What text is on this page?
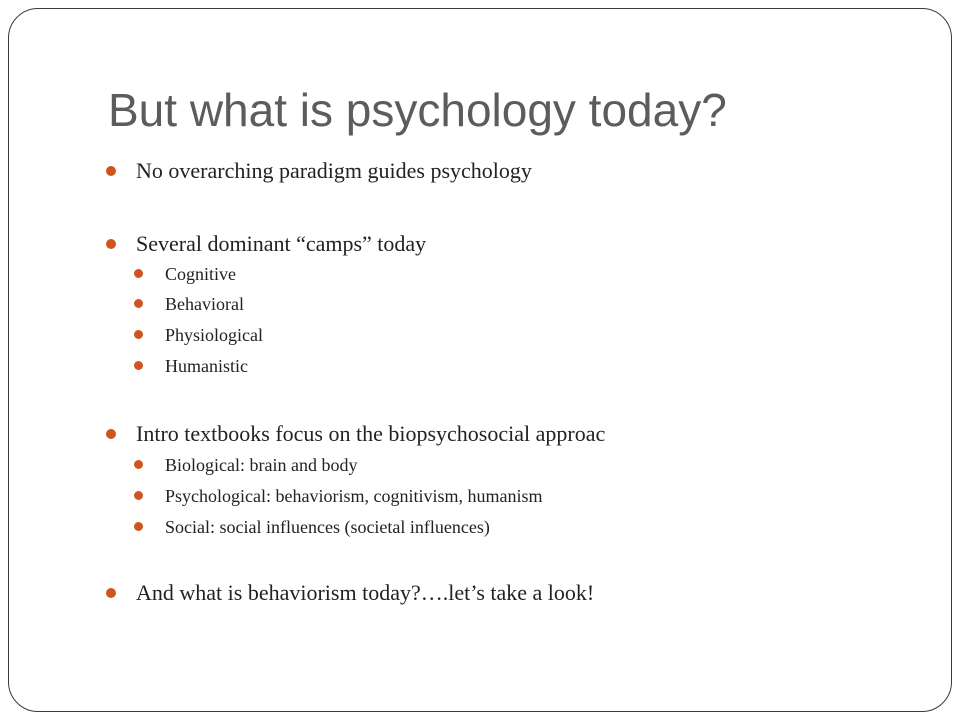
But what is psychology today?
No overarching paradigm guides psychology
Several dominant “camps” today
Cognitive
Behavioral
Physiological
Humanistic
Intro textbooks focus on the biopsychosocial approac
Biological: brain and body
Psychological: behaviorism, cognitivism, humanism
Social: social influences (societal influences)
And what is behaviorism today?….let’s take a look!
